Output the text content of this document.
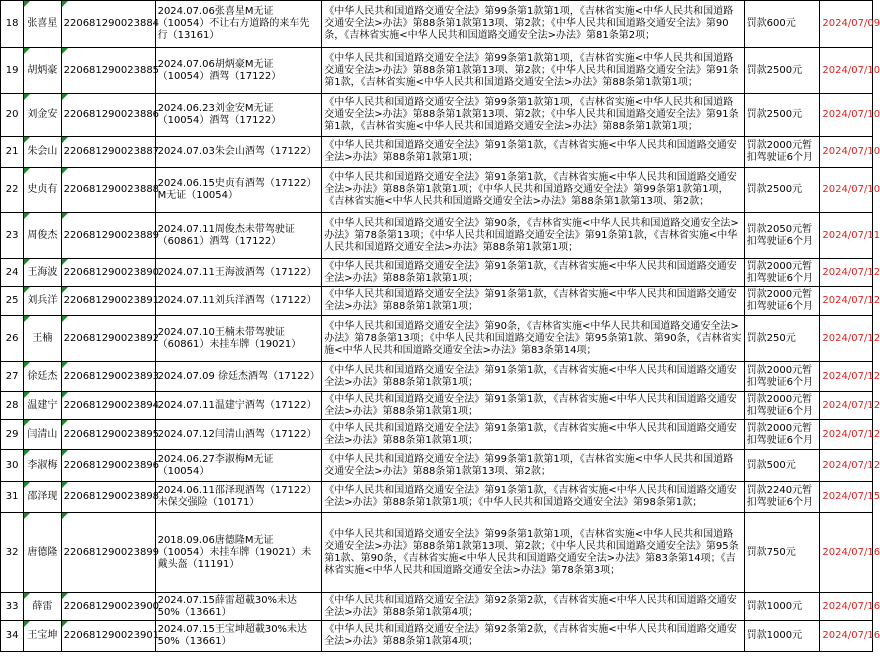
18	张喜星	220681290023884	2024.07.06张喜星M无证（10054）不让右方道路的来车先行（13161）	《中华人民共和国道路交通安全法》第99条第1款第1项，《吉林省实施<中华人民共和国道路交通安全法>办法》第88条第1款第13项、第2款；《中华人民共和国道路交通安全法》第90条，《吉林省实施<中华人民共和国道路交通安全法>办法》第81条第2项；	罚款600元	2024/07/09
19	胡炳豪	220681290023885	2024.07.06胡炳豪M无证（10054）酒驾（17122）	《中华人民共和国道路交通安全法》第99条第1款第1项，《吉林省实施<中华人民共和国道路交通安全法>办法》第88条第1款第13项、第2款；《中华人民共和国道路交通安全法》第91条第1款，《吉林省实施<中华人民共和国道路交通安全法>办法》第88条第1款第1项；	罚款2500元	2024/07/10
20	刘金安	220681290023886	2024.06.23刘金安M无证（10054）酒驾（17122）	《中华人民共和国道路交通安全法》第99条第1款第1项，《吉林省实施<中华人民共和国道路交通安全法>办法》第88条第1款第13项、第2款；《中华人民共和国道路交通安全法》第91条第1款，《吉林省实施<中华人民共和国道路交通安全法>办法》第88条第1款第1项；	罚款2500元	2024/07/10
21	朱会山	220681290023887	2024.07.03朱会山酒驾（17122）	《中华人民共和国道路交通安全法》第91条第1款，《吉林省实施<中华人民共和国道路交通安全法>办法》第88条第1款第1项；	罚款2000元暂扣驾驶证6个月	2024/07/10
22	史贞有	220681290023888	2024.06.15史贞有酒驾（17122）M无证（10054）	《中华人民共和国道路交通安全法》第91条第1款，《吉林省实施<中华人民共和国道路交通安全法>办法》第88条第1款第1项；《中华人民共和国道路交通安全法》第99条第1款第1项，《吉林省实施<中华人民共和国道路交通安全法>办法》第88条第1款第13项、第2款；	罚款2500元	2024/07/10
23	周俊杰	220681290023889	2024.07.11周俊杰未带驾驶证（60861）酒驾（17122）	《中华人民共和国道路交通安全法》第90条，《吉林省实施<中华人民共和国道路交通安全法>办法》第78条第13项；《中华人民共和国道路交通安全法》第91条第1款，《吉林省实施<中华人民共和国道路交通安全法>办法》第88条第1款第1项；	罚款2050元暂扣驾驶证6个月	2024/07/11
24	王海波	220681290023890	2024.07.11王海波酒驾（17122）	《中华人民共和国道路交通安全法》第91条第1款，《吉林省实施<中华人民共和国道路交通安全法>办法》第88条第1款第1项；	罚款2000元暂扣驾驶证6个月	2024/07/12
25	刘兵洋	220681290023891	2024.07.11刘兵洋酒驾（17122）	《中华人民共和国道路交通安全法》第91条第1款，《吉林省实施<中华人民共和国道路交通安全法>办法》第88条第1款第1项；	罚款2000元暂扣驾驶证6个月	2024/07/12
26	王楠	220681290023892	2024.07.10王楠未带驾驶证（60861）未挂车牌（19021）	《中华人民共和国道路交通安全法》第90条，《吉林省实施<中华人民共和国道路交通安全法>办法》第78条第13项；《中华人民共和国道路交通安全法》第95条第1款、第90条，《吉林省实施<中华人民共和国道路交通安全法>办法》第83条第14项；	罚款250元	2024/07/12
27	徐廷杰	220681290023893	2024.07.09 徐廷杰酒驾（17122）	《中华人民共和国道路交通安全法》第91条第1款，《吉林省实施<中华人民共和国道路交通安全法>办法》第88条第1款第1项；	罚款2000元暂扣驾驶证6个月	2024/07/12
28	温建宁	220681290023894	2024.07.11温建宁酒驾（17122）	《中华人民共和国道路交通安全法》第91条第1款，《吉林省实施<中华人民共和国道路交通安全法>办法》第88条第1款第1项；	罚款2000元暂扣驾驶证6个月	2024/07/12
29	闫清山	220681290023895	2024.07.12闫清山酒驾（17122）	《中华人民共和国道路交通安全法》第91条第1款，《吉林省实施<中华人民共和国道路交通安全法>办法》第88条第1款第1项；	罚款2000元暂扣驾驶证6个月	2024/07/12
30	李淑梅	220681290023896	2024.06.27李淑梅M无证（10054）	《中华人民共和国道路交通安全法》第99条第1款第1项，《吉林省实施<中华人民共和国道路交通安全法>办法》第88条第1款第13项、第2款；	罚款500元	2024/07/12
31	邵泽现	220681290023898	2024.06.11邵泽现酒驾（17122）未保交强险（10171）	《中华人民共和国道路交通安全法》第91条第1款，《吉林省实施<中华人民共和国道路交通安全法>办法》第88条第1款第1项；《中华人民共和国道路交通安全法》第98条第1款；	罚款2240元暂扣驾驶证6个月	2024/07/15
32	唐德隆	220681290023899	2018.09.06唐德隆M无证（10054）未挂车牌（19021）未戴头盔（11191）	《中华人民共和国道路交通安全法》第99条第1款第1项，《吉林省实施<中华人民共和国道路交通安全法>办法》第88条第1款第13项、第2款；《中华人民共和国道路交通安全法》第95条第1款、第90条，《吉林省实施<中华人民共和国道路交通安全法>办法》第83条第14项；《吉林省实施<中华人民共和国道路交通安全法>办法》第78条第3项；	罚款750元	2024/07/16
33	薛雷	220681290023900	2024.07.15薛雷超載30%未达50%（13661）	《中华人民共和国道路交通安全法》第92条第2款，《吉林省实施<中华人民共和国道路交通安全法>办法》第88条第1款第4项；	罚款1000元	2024/07/16
34	王宝坤	220681290023901	2024.07.15王宝坤超載30%未达50%（13661）	《中华人民共和国道路交通安全法》第92条第2款，《吉林省实施<中华人民共和国道路交通安全法>办法》第88条第1款第4项；	罚款1000元	2024/07/16
